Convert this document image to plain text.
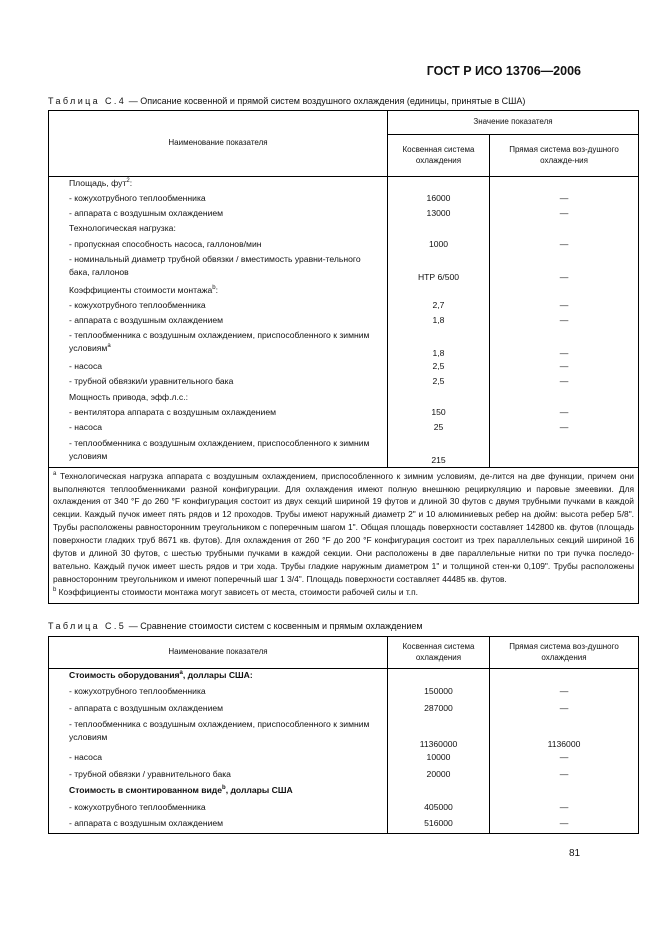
ГОСТ Р ИСО 13706—2006
Таблица С.4 — Описание косвенной и прямой систем воздушного охлаждения (единицы, принятые в США)
Наименование показателя	Значение показателя	
	Косвенная система охлаждения	Прямая система воз-душного охлажде-ния
Площадь, фут$^2$:		
- кожухотрубного теплообменника	16000	—
- аппарата с воздушным охлаждением	13000	—
Технологическая нагрузка:		
- пропускная способность насоса, галлонов/мин	1000	—
- номинальный диаметр трубной обвязки / вместимость уравни-тельного бака, галлонов	НТР 6/500	—
Коэффициенты стоимости монтажа$^b$:		
- кожухотрубного теплообменника	2,7	—
- аппарата с воздушным охлаждением	1,8	—
- теплообменника с воздушным охлаждением, приспособленного к зимним условиям$^a$	1,8	—
- насоса	2,5	—
- трубной обвязки/и уравнительного бака	2,5	—
Мощность привода, эфф.л.с.:		
- вентилятора аппарата с воздушным охлаждением	150	—
- насоса	25	—
- теплообменника с воздушным охлаждением, приспособленного к зимним условиям	215	

$^a$ Технологическая нагрузка аппарата с воздушным охлаждением, приспособленного к зимним условиям, де-лится на две функции, причем они выполняются теплообменниками разной конфигурации. Для охлаждения имеют полную внешнюю рециркуляцию и паровые змеевики. Для охлаждения от 340 °F до 260 °F конфигурация состоит из двух секций шириной 19 футов и длиной 30 футов с двумя трубными пучками в каждой секции. Каждый пучок имеет пять рядов и 12 проходов. Трубы имеют наружный диаметр 2" и 10 алюминиевых ребер на дюйм: высота ребер 5/8". Трубы расположены равносторонним треугольником с поперечным шагом 1". Общая площадь поверхности составляет 142800 кв. футов (площадь поверхности гладких труб 8671 кв. футов). Для охлаждения от 260 °F до 200 °F конфигурация состоит из трех параллельных секций шириной 16 футов и длиной 30 футов, с шестью трубными пучками в каждой секции. Они расположены в две параллельные нитки по три пучка последо-вательно. Каждый пучок имеет шесть рядов и три хода. Трубы гладкие наружным диаметром 1" и толщиной стен-ки 0,109". Трубы расположены равносторонним треугольником и имеют поперечный шаг 1 3/4". Площадь поверхности составляет 44485 кв. футов.
$^b$ Коэффициенты стоимости монтажа могут зависеть от места, стоимости рабочей силы и т.п.		
Таблица С.5 — Сравнение стоимости систем с косвенным и прямым охлаждением
Наименование показателя	Косвенная система охлаждения	Прямая система воз-душного охлаждения
Стоимость оборудования$^a$, доллары США:		
- кожухотрубного теплообменника	150000	—
- аппарата с воздушным охлаждением	287000	—
- теплообменника с воздушным охлаждением, приспособленного к зимним условиям	11360000	1136000
- насоса	10000	—
- трубной обвязки / уравнительного бака	20000	—
Стоимость в смонтированном виде$^b$, доллары США		
- кожухотрубного теплообменника	405000	—
- аппарата с воздушным охлаждением	516000	—
81
